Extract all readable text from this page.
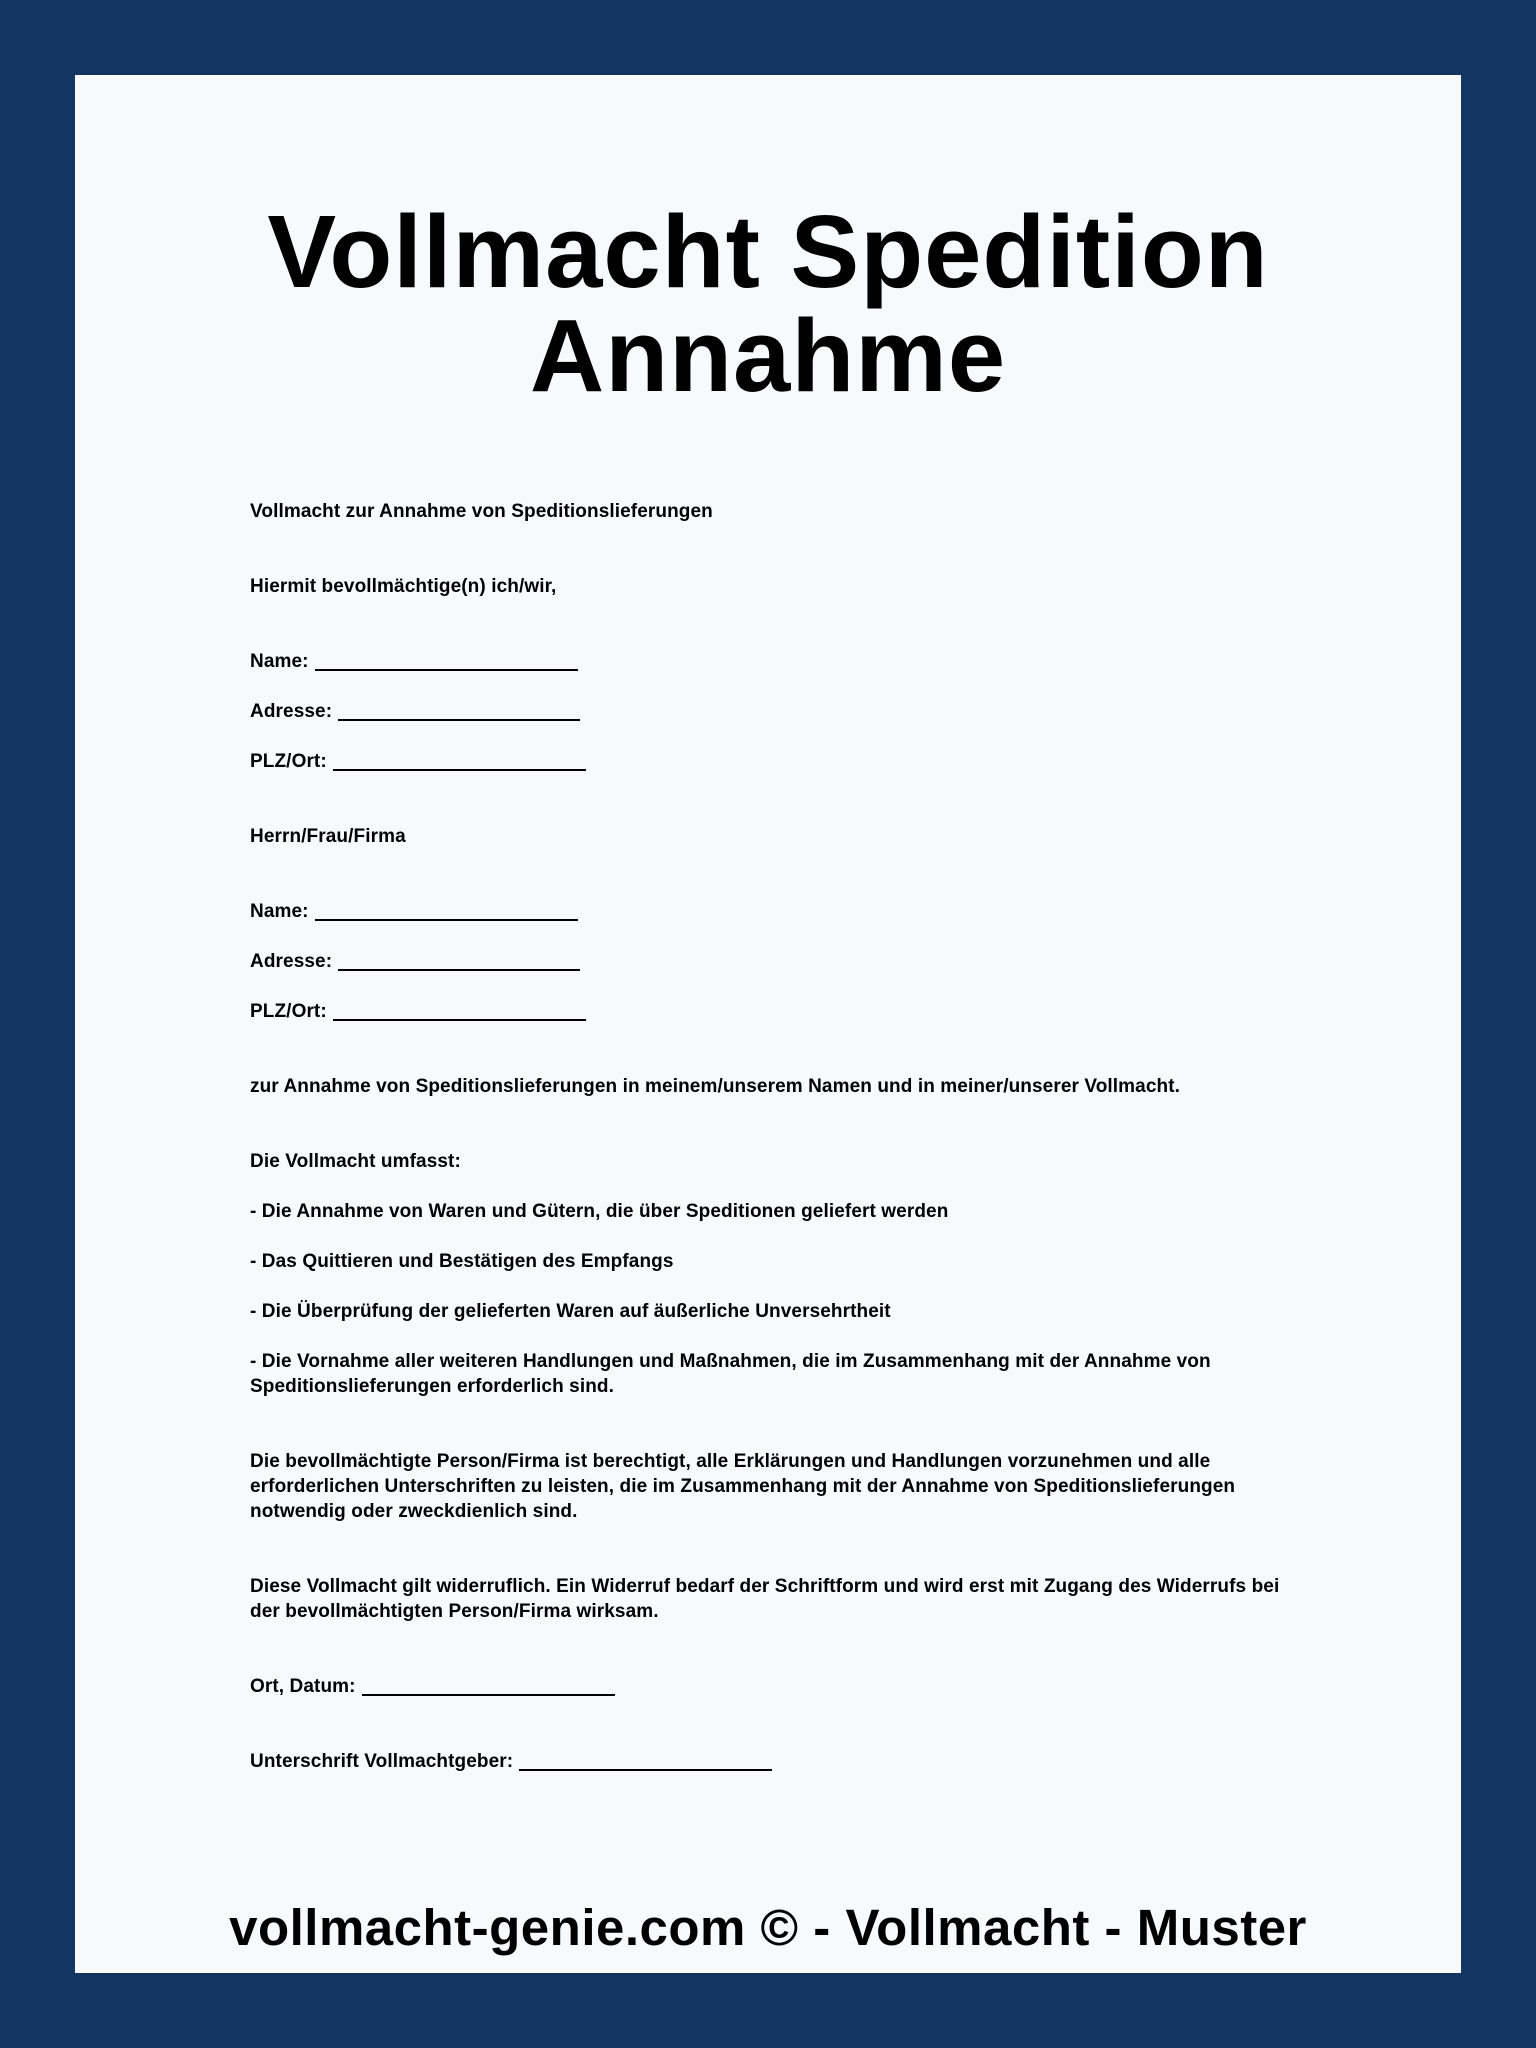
Vollmacht Spedition
Annahme
Vollmacht zur Annahme von Speditionslieferungen
Hiermit bevollmächtige(n) ich/wir,
Name:
Adresse:
PLZ/Ort:
Herrn/Frau/Firma
Name:
Adresse:
PLZ/Ort:
zur Annahme von Speditionslieferungen in meinem/unserem Namen und in meiner/unserer Vollmacht.
Die Vollmacht umfasst:
- Die Annahme von Waren und Gütern, die über Speditionen geliefert werden
- Das Quittieren und Bestätigen des Empfangs
- Die Überprüfung der gelieferten Waren auf äußerliche Unversehrtheit
- Die Vornahme aller weiteren Handlungen und Maßnahmen, die im Zusammenhang mit der Annahme von Speditionslieferungen erforderlich sind.
Die bevollmächtigte Person/Firma ist berechtigt, alle Erklärungen und Handlungen vorzunehmen und alle erforderlichen Unterschriften zu leisten, die im Zusammenhang mit der Annahme von Speditionslieferungen notwendig oder zweckdienlich sind.
Diese Vollmacht gilt widerruflich. Ein Widerruf bedarf der Schriftform und wird erst mit Zugang des Widerrufs bei der bevollmächtigten Person/Firma wirksam.
Ort, Datum:
Unterschrift Vollmachtgeber:
vollmacht-genie.com © - Vollmacht - Muster
